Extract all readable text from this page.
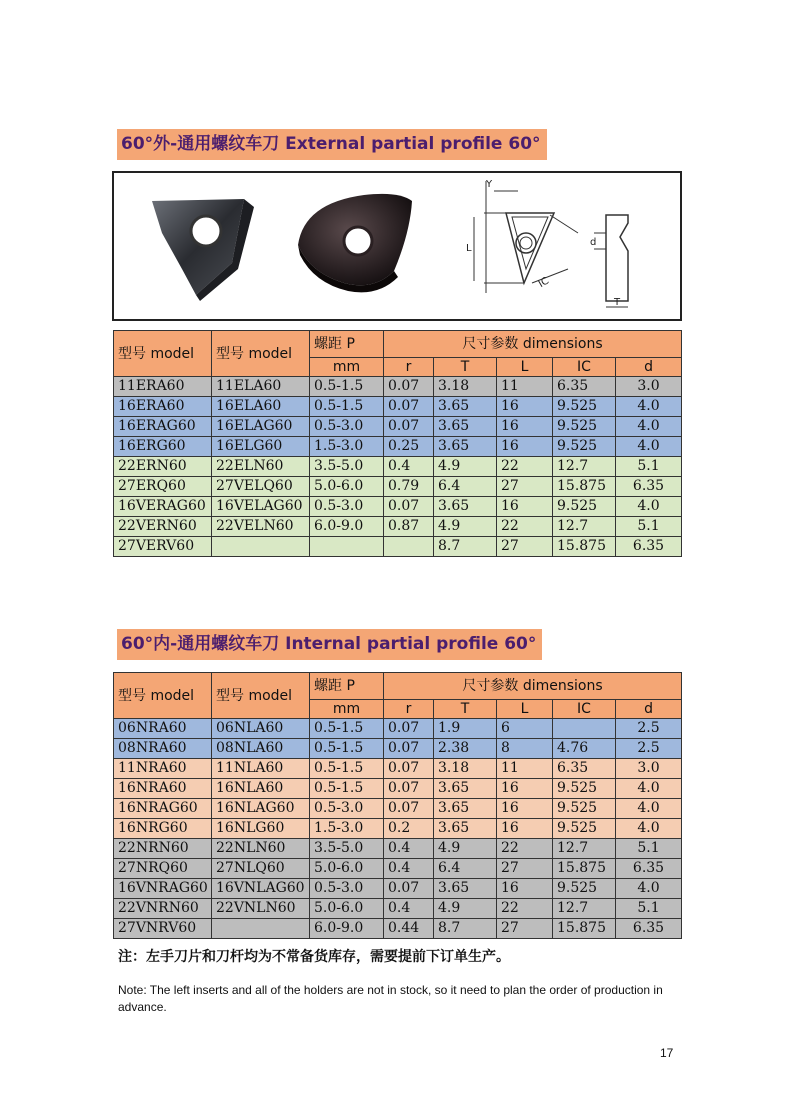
60°外-通用螺纹车刀 External partial profile 60°
Y
L
IC
d
T
型号 model	型号 model	螺距 P	尺寸参数 dimensions				
		mm	r	T	L	IC	d
11ERA60	11ELA60	0.5-1.5	0.07	3.18	11	6.35	3.0
16ERA60	16ELA60	0.5-1.5	0.07	3.65	16	9.525	4.0
16ERAG60	16ELAG60	0.5-3.0	0.07	3.65	16	9.525	4.0
16ERG60	16ELG60	1.5-3.0	0.25	3.65	16	9.525	4.0
22ERN60	22ELN60	3.5-5.0	0.4	4.9	22	12.7	5.1
27ERQ60	27VELQ60	5.0-6.0	0.79	6.4	27	15.875	6.35
16VERAG60	16VELAG60	0.5-3.0	0.07	3.65	16	9.525	4.0
22VERN60	22VELN60	6.0-9.0	0.87	4.9	22	12.7	5.1
27VERV60				8.7	27	15.875	6.35
60°内-通用螺纹车刀 Internal partial profile 60°
型号 model	型号 model	螺距 P	尺寸参数 dimensions				
		mm	r	T	L	IC	d
06NRA60	06NLA60	0.5-1.5	0.07	1.9	6		2.5
08NRA60	08NLA60	0.5-1.5	0.07	2.38	8	4.76	2.5
11NRA60	11NLA60	0.5-1.5	0.07	3.18	11	6.35	3.0
16NRA60	16NLA60	0.5-1.5	0.07	3.65	16	9.525	4.0
16NRAG60	16NLAG60	0.5-3.0	0.07	3.65	16	9.525	4.0
16NRG60	16NLG60	1.5-3.0	0.2	3.65	16	9.525	4.0
22NRN60	22NLN60	3.5-5.0	0.4	4.9	22	12.7	5.1
27NRQ60	27NLQ60	5.0-6.0	0.4	6.4	27	15.875	6.35
16VNRAG60	16VNLAG60	0.5-3.0	0.07	3.65	16	9.525	4.0
22VNRN60	22VNLN60	5.0-6.0	0.4	4.9	22	12.7	5.1
27VNRV60		6.0-9.0	0.44	8.7	27	15.875	6.35
注：左手刀片和刀杆均为不常备货库存，需要提前下订单生产。
Note: The left inserts and all of the holders are not in stock, so it need to plan the order of production in advance.
17
